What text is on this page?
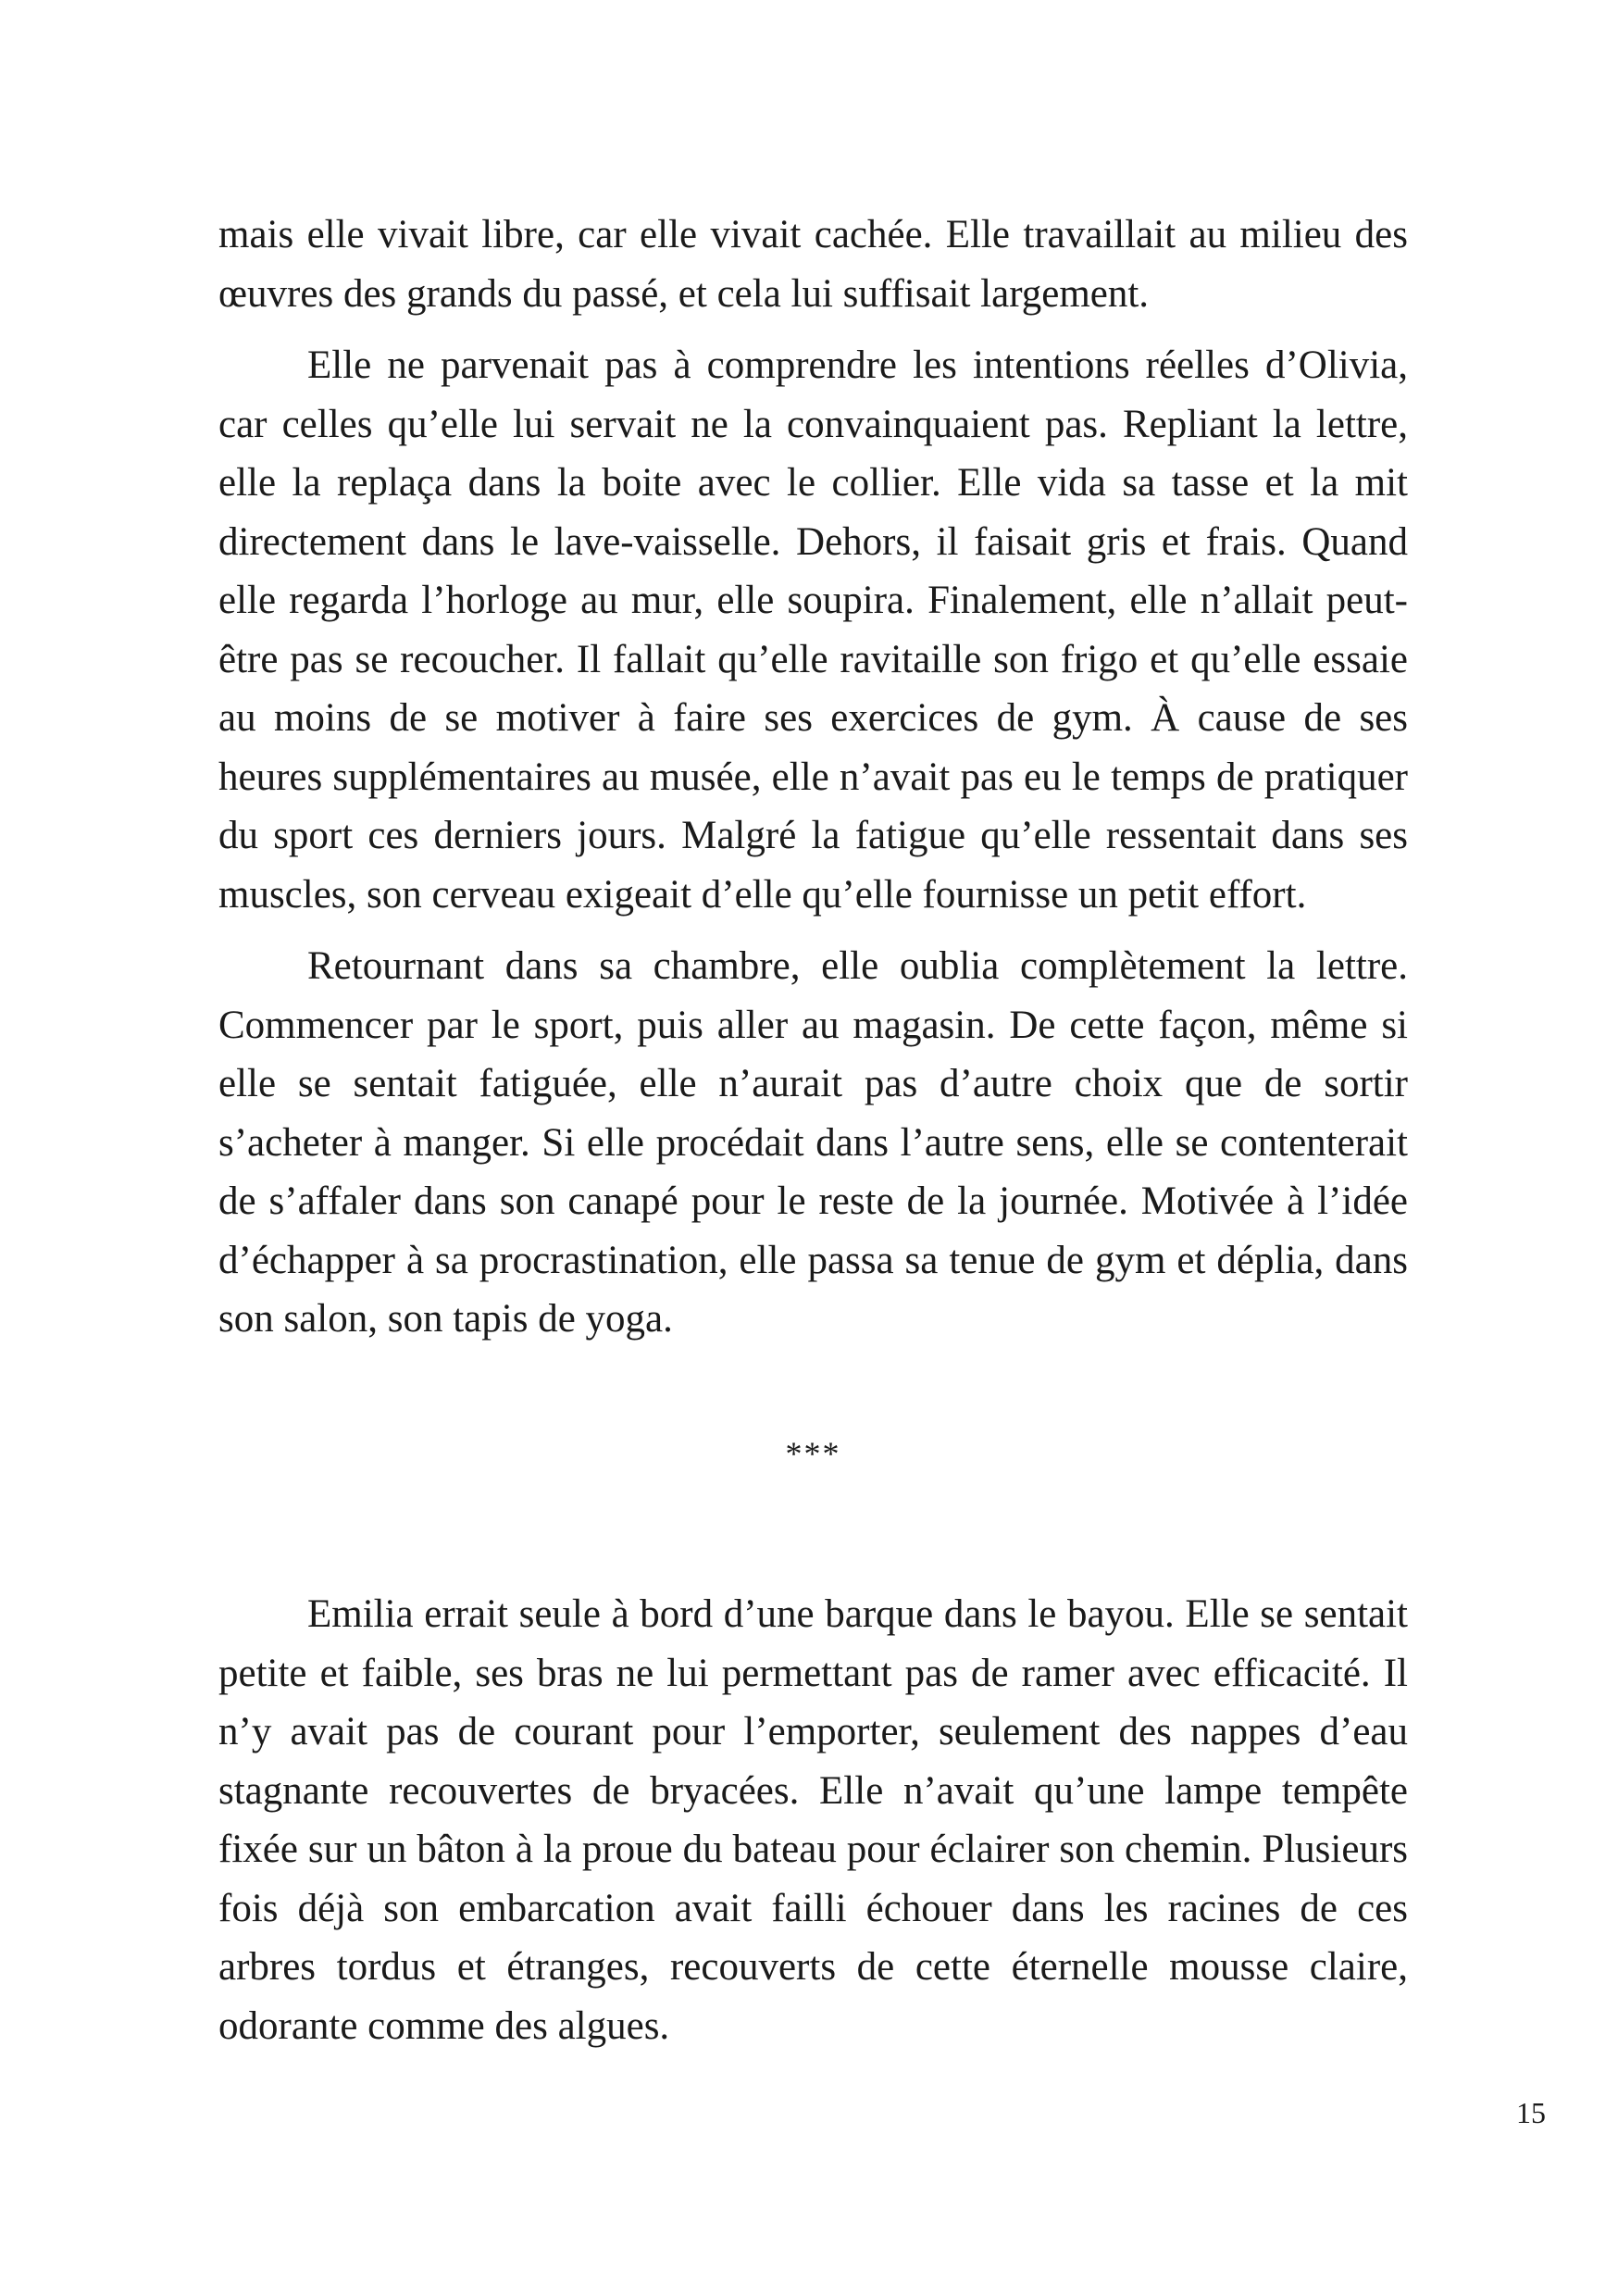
mais elle vivait libre, car elle vivait cachée. Elle travaillait au milieu des œuvres des grands du passé, et cela lui suffisait largement.

Elle ne parvenait pas à comprendre les intentions réelles d’Olivia, car celles qu’elle lui servait ne la convainquaient pas. Repliant la lettre, elle la replaça dans la boite avec le collier. Elle vida sa tasse et la mit directement dans le lave-vaisselle. Dehors, il faisait gris et frais. Quand elle regarda l’horloge au mur, elle soupira. Finalement, elle n’allait peut-être pas se recoucher. Il fallait qu’elle ravitaille son frigo et qu’elle essaie au moins de se motiver à faire ses exercices de gym. À cause de ses heures supplémentaires au musée, elle n’avait pas eu le temps de pratiquer du sport ces derniers jours. Malgré la fatigue qu’elle ressentait dans ses muscles, son cerveau exigeait d’elle qu’elle fournisse un petit effort.

Retournant dans sa chambre, elle oublia complètement la lettre. Commencer par le sport, puis aller au magasin. De cette façon, même si elle se sentait fatiguée, elle n’aurait pas d’autre choix que de sortir s’acheter à manger. Si elle procédait dans l’autre sens, elle se contenterait de s’affaler dans son canapé pour le reste de la journée. Motivée à l’idée d’échapper à sa procrastination, elle passa sa tenue de gym et déplia, dans son salon, son tapis de yoga.

***

Emilia errait seule à bord d’une barque dans le bayou. Elle se sentait petite et faible, ses bras ne lui permettant pas de ramer avec efficacité. Il n’y avait pas de courant pour l’emporter, seulement des nappes d’eau stagnante recouvertes de bryacées. Elle n’avait qu’une lampe tempête fixée sur un bâton à la proue du bateau pour éclairer son chemin. Plusieurs fois déjà son embarcation avait failli échouer dans les racines de ces arbres tordus et étranges, recouverts de cette éternelle mousse claire, odorante comme des algues.

15
